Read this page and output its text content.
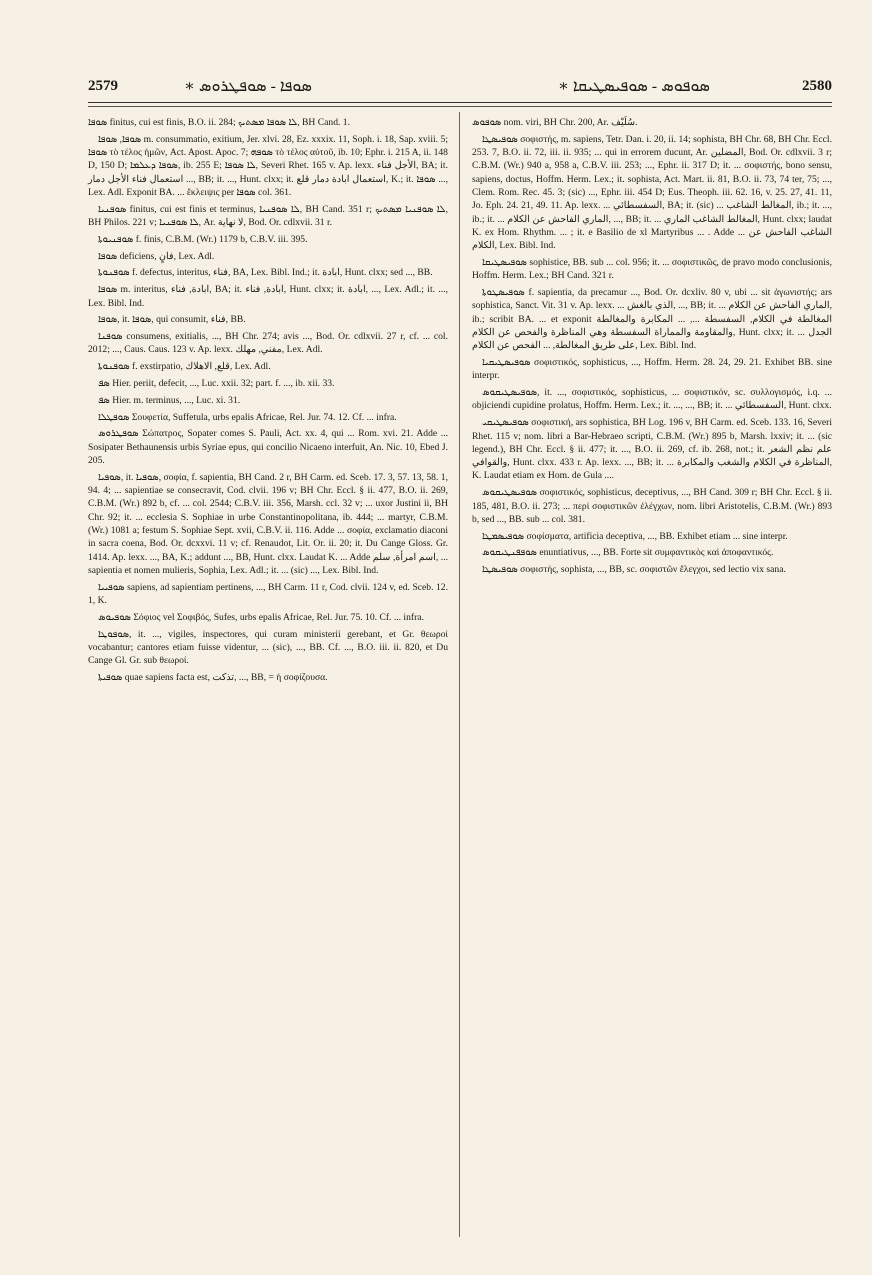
2579	∗ ܣܘܦܐ - ܣܘܦܛܪܘܣ	∗ ܣܘܦܘܣ - ܣܘܦܝܣܛܝܩܐ	2580

ܣܘܦܐ finitus, cui est finis, B.O. ii. 284; ܠܐ ܣܘܦܐ ܡܣܬܝܟ, BH Cand. 1.

ܣܘܦܐ, ܣܘܦܐ m. consummatio, exitium, Jer. xlvi. 28, Ez. xxxix. 11, Soph. i. 18, Sap. xviii. 5; ܣܘܦܐ τὸ τέλος ἡμῶν, Act. Apost. Apoc. 7; ܣܘܦܗ τὸ τέλος αὐτοῦ, ib. 10; Ephr. i. 215 A, ii. 148 D, 150 D; ܣܘܦܐ ܕܥܠܡܐ, ib. 255 E; ܠܐ ܣܘܦܐ, Severi Rhet. 165 v. Ap. lexx. الأجل فناء, BA; it. استعمال فناء الأجل دمار ..., BB; it. ..., Hunt. clxx; it. استعمال ابادة دمار قلع, K.; it. ܣܘܦܐ ..., Lex. Adl. Exponit BA. ... ἔκλειψις per ܣܘܦܐ col. 361.

ܣܘܦܢܝܐ finitus, cui est finis et terminus, ܠܐ ܣܘܦܢܝܐ, BH Cand. 351 r; ܠܐ ܣܘܦܢܝܐ ܡܣܬܝܟ, BH Philos. 221 v; ܠܐ ܣܘܦܢܝܐ, Ar. لا نهاية, Bod. Or. cdlxvii. 31 r.

ܣܘܦܢܝܘܬܐ f. finis, C.B.M. (Wr.) 1179 b, C.B.V. iii. 395.

ܣܘܦܐ deficiens, فانٍ, Lex. Adl.

ܣܘܦܢܘܬܐ f. defectus, interitus, فناء, BA, Lex. Bibl. Ind.; it. ابادة, Hunt. clxx; sed ..., BB.

ܣܘܦܐ m. interitus, ابادة, فناء, BA; it. ابادة, فناء, Hunt. clxx; it. ابادة, ..., Lex. Adl.; it. ..., Lex. Bibl. Ind.

ܣܘܦܐ, it. ܣܘܦܐ, qui consumit, فناء, BB.

ܣܘܦܢܐ consumens, exitialis, ..., BH Chr. 274; avis ..., Bod. Or. cdlxvii. 27 r, cf. ... col. 2012; ..., Caus. Caus. 123 v. Ap. lexx. مفني, مهلك, Lex. Adl.

ܣܘܦܢܘܬܐ f. exstirpatio, قلع, الاهلاك, Lex. Adl.

ܣܦ Hier. periit, defecit, ..., Luc. xxii. 32; part. f. ..., ib. xii. 33.

ܣܦ Hier. m. terminus, ..., Luc. xi. 31.

ܣܘܦܛܠܐ Σουφετία, Suffetula, urbs epalis Africae, Rel. Jur. 74. 12. Cf. ... infra.

ܣܘܦܛܪܘܣ Σώπατρος, Sopater comes S. Pauli, Act. xx. 4, qui ... Rom. xvi. 21. Adde ... Sosipater Bethaunensis urbis Syriae epus, qui concilio Nicaeno interfuit, An. Nic. 10, Ebed J. 205.

ܣܘܦܝܐ, it. ܣܘܦܝܐ, σοφία, f. sapientia, BH Cand. 2 r, BH Carm. ed. Sceb. 17. 3, 57. 13, 58. 1, 94. 4; ... sapientiae se consecravit, Cod. clvii. 196 v; BH Chr. Eccl. § ii. 477, B.O. ii. 269, C.B.M. (Wr.) 892 b, cf. ... col. 2544; C.B.V. iii. 356, Marsh. ccl. 32 v; ... uxor Justini ii, BH Chr. 92; it. ... ecclesia S. Sophiae in urbe Constantinopolitana, ib. 444; ... martyr, C.B.M. (Wr.) 1081 a; festum S. Sophiae Sept. xvii, C.B.V. ii. 116. Adde ... σοφία, exclamatio diaconi in sacra coena, Bod. Or. dcxxvi. 11 v; cf. Renaudot, Lit. Or. ii. 20; it. Du Cange Gloss. Gr. 1414. Ap. lexx. ..., BA, K.; addunt ..., BB, Hunt. clxx. Laudat K. ... Adde اسم امرأة, سلم, ... sapientia et nomen mulieris, Sophia, Lex. Adl.; it. ... (sic) ..., Lex. Bibl. Ind.

ܣܘܦܝܝܐ sapiens, ad sapientiam pertinens, ..., BH Carm. 11 r, Cod. clvii. 124 v, ed. Sceb. 12. 1, K.

ܣܘܦܝܘܣ Σόφιος vel Σοφιβός, Sufes, urbs epalis Africae, Rel. Jur. 75. 10. Cf. ... infra.

ܣܘܦܘܛܐ, it. ..., vigiles, inspectores, qui curam ministerii gerebant, et Gr. θεωροί vocabantur; cantores etiam fuisse videntur, ... (sic), ..., BB. Cf. ..., B.O. iii. ii. 820, et Du Cange Gl. Gr. sub θεωροί.

ܣܘܦܝܬܐ quae sapiens facta est, تذكت, ..., BB, = ἡ σοφίζουσα.

ܣܘܦܘܣ nom. viri, BH Chr. 200, Ar. سُلَيْف.

ܣܘܦܝܣܛܐ σοφιστής, m. sapiens, Tetr. Dan. i. 20, ii. 14; sophista, BH Chr. 68, BH Chr. Eccl. 253. 7, B.O. ii. 72, iii. ii. 935; ... qui in errorem ducunt, Ar. المضلين, Bod. Or. cdlxvii. 3 r; C.B.M. (Wr.) 940 a, 958 a, C.B.V. iii. 253; ..., Ephr. ii. 317 D; it. ... σοφιστής, bono sensu, sapiens, doctus, Hoffm. Herm. Lex.; it. sophista, Act. Mart. ii. 81, B.O. ii. 73, 74 ter, 75; ..., Clem. Rom. Rec. 45. 3; (sic) ..., Ephr. iii. 454 D; Eus. Theoph. iii. 62. 16, v. 25. 27, 41. 11, Jo. Eph. 24. 21, 49. 11. Ap. lexx. ... السفسطائي, BA; it. (sic) ... المغالط الشاغب, ib.; it. ..., ib.; it. ... الماري الفاحش عن الكلام, ..., BB; it. ... المغالط الشاغب الماري, Hunt. clxx; laudat K. ex Hom. Rhythm. ... ; it. e Basilio de xl Martyribus ... . Adde ... الشاغب الفاحش عن الكلام, Lex. Bibl. Ind.

ܣܘܦܝܣܛܝܩܐ sophistice, BB. sub ... col. 956; it. ... σοφιστικῶς, de pravo modo conclusionis, Hoffm. Herm. Lex.; BH Cand. 321 r.

ܣܘܦܝܣܛܘܬܐ f. sapientia, da precamur ..., Bod. Or. dcxliv. 80 v, ubi ... sit ἀγωνιστής; ars sophistica, Sanct. Vit. 31 v. Ap. lexx. ... الذي بالغش, ..., BB; it. ... الماري الفاحش عن الكلام, ib.; scribit BA. ... et exponit المغالطة في الكلام, السفسطة ..., ... المكابرة والمغالطة والمقاومة والمماراة السفسطة وهي المناظرة والفحص عن الكلام, Hunt. clxx; it. ... الجدل على طريق المغالطة, ... الفحص عن الكلام, Lex. Bibl. Ind.

ܣܘܦܝܣܛܝܩܝܐ σοφιστικός, sophisticus, ..., Hoffm. Herm. 28. 24, 29. 21. Exhibet BB. sine interpr.

ܣܘܦܝܣܛܝܩܘܣ, it. ..., σοφιστικός, sophisticus, ... σοφιστικόν, sc. συλλογισμός, i.q. ... objiciendi cupidine prolatus, Hoffm. Herm. Lex.; it. ..., ..., BB; it. ... السفسطائي, Hunt. clxx.

ܣܘܦܝܣܛܝܩܝ σοφιστική, ars sophistica, BH Log. 196 v, BH Carm. ed. Sceb. 133. 16, Severi Rhet. 115 v; nom. libri a Bar-Hebraeo scripti, C.B.M. (Wr.) 895 b, Marsh. lxxiv; it. ... (sic legend.), BH Chr. Eccl. § ii. 477; it. ..., B.O. ii. 269, cf. ib. 268, not.; it. علم نظم الشعر والقوافي, Hunt. clxx. 433 r. Ap. lexx. ..., BB; it. ... المناظرة في الكلام والشغب والمكابرة, K. Laudat etiam ex Hom. de Gula ....

ܣܘܦܝܣܛܝܩܘܣ σοφιστικός, sophisticus, deceptivus, ..., BH Cand. 309 r; BH Chr. Eccl. § ii. 185, 481, B.O. ii. 273; ... περὶ σοφιστικῶν ἐλέγχων, nom. libri Aristotelis, C.B.M. (Wr.) 893 b, sed ..., BB. sub ... col. 381.

ܣܘܦܝܣܡܛܐ σοφίσματα, artificia deceptiva, ..., BB. Exhibet etiam ... sine interpr.

ܣܘܦܦܢܛܝܩܘܣ enuntiativus, ..., BB. Forte sit συμφαντικὸς καὶ ἀποφαντικός.

ܣܘܦܝܣܛܐ σοφιστής, sophista, ..., BB, sc. σοφιστῶν ἔλεγχοι, sed lectio vix sana.
